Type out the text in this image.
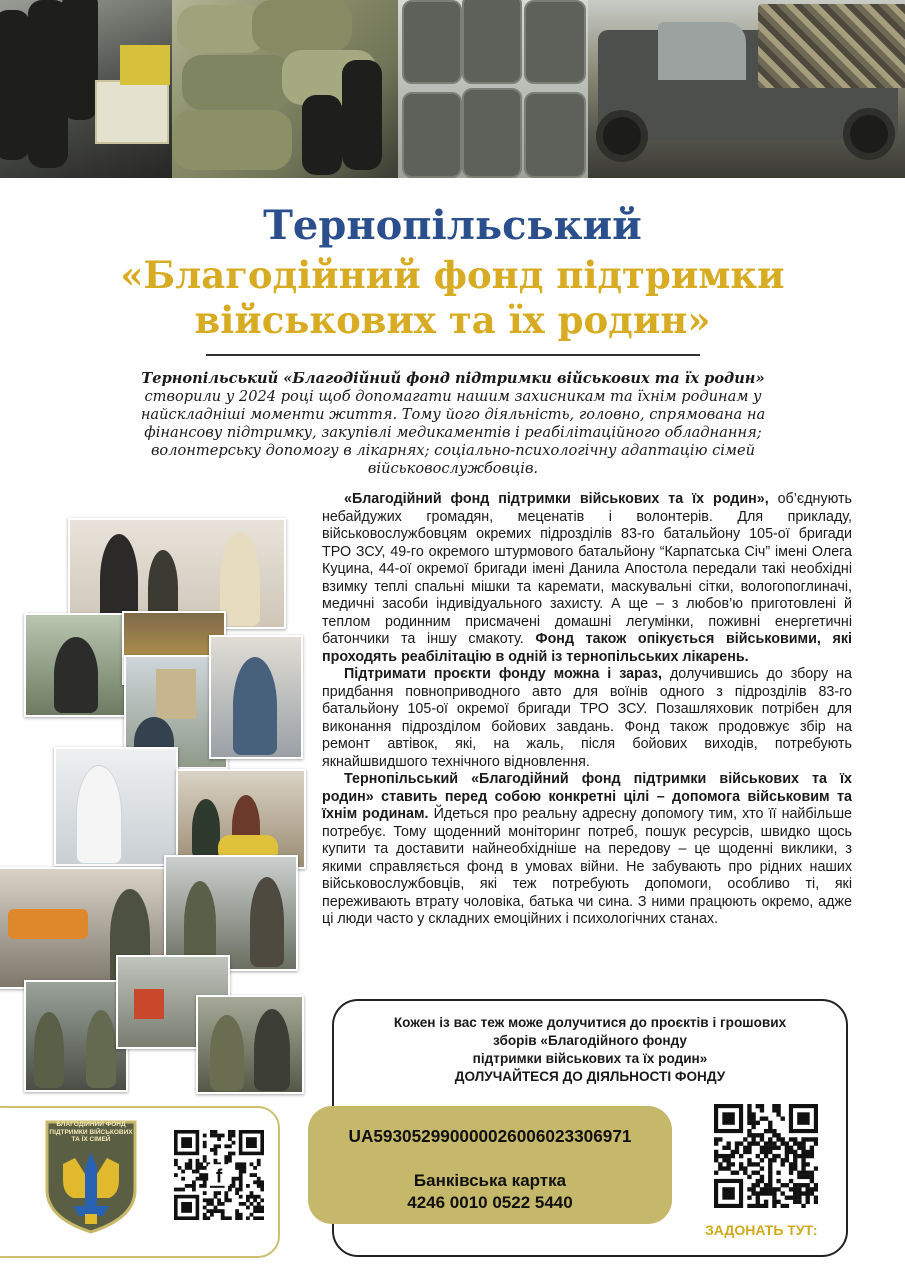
Тернопільський
«Благодійний фонд підтримки
військових та їх родин»

Тернопільський «Благодійний фонд підтримки військових та їх родин» створили у 2024 році щоб допомагати нашим захисникам та їхнім родинам у найскладніші моменти життя. Тому його діяльність, головно, спрямована на фінансову підтримку, закупівлі медикаментів і реабілітаційного обладнання; волонтерську допомогу в лікарнях; соціально-психологічну адаптацію сімей військовослужбовців.

«Благодійний фонд підтримки військових та їх родин», об’єднують небайдужих громадян, меценатів і волонтерів. Для прикладу, військовослужбовцям окремих підрозділів 83-го батальйону 105-ої бригади ТРО ЗСУ, 49-го окремого штурмового батальйону “Карпатська Січ” імені Олега Куцина, 44-ої окремої бригади імені Данила Апостола передали такі необхідні взимку теплі спальні мішки та каремати, маскувальні сітки, вологопоглиначі, медичні засоби індивідуального захисту. А ще – з любов’ю приготовлені й теплом родинним присмачені домашні легумінки, поживні енергетичні батончики та іншу смакоту. Фонд також опікується військовими, які проходять реабілітацію в одній із тернопільських лікарень.

Підтримати проєкти фонду можна і зараз, долучившись до збору на придбання повноприводного авто для воїнів одного з підрозділів 83-го батальйону 105-ої окремої бригади ТРО ЗСУ. Позашляховик потрібен для виконання підрозділом бойових завдань. Фонд також продовжує збір на ремонт автівок, які, на жаль, після бойових виходів, потребують якнайшвидшого технічного відновлення.

Тернопільський «Благодійний фонд підтримки військових та їх родин» ставить перед собою конкретні цілі – допомога військовим та їхнім родинам. Йдеться про реальну адресну допомогу тим, хто її найбільше потребує. Тому щоденний моніторинг потреб, пошук ресурсів, швидко щось купити та доставити найнеобхідніше на передову – це щоденні виклики, з якими справляється фонд в умовах війни. Не забувають про рідних наших військовослужбовців, які теж потребують допомоги, особливо ті, які переживають втрату чоловіка, батька чи сина. З ними працюють окремо, адже ці люди часто у складних емоційних і психологічних станах.

БЛАГОДІЙНИЙ ФОНД ПІДТРИМКИ ВІЙСЬКОВИХ ТА ЇХ СІМЕЙ
f

Кожен із вас теж може долучитися до проєктів і грошових
зборів «Благодійного фонду
підтримки військових та їх родин»
ДОЛУЧАЙТЕСЯ ДО ДІЯЛЬНОСТІ ФОНДУ

UA593052990000026006023306971
Банківська картка
4246 0010 0522 5440
ЗАДОНАТЬ ТУТ:
